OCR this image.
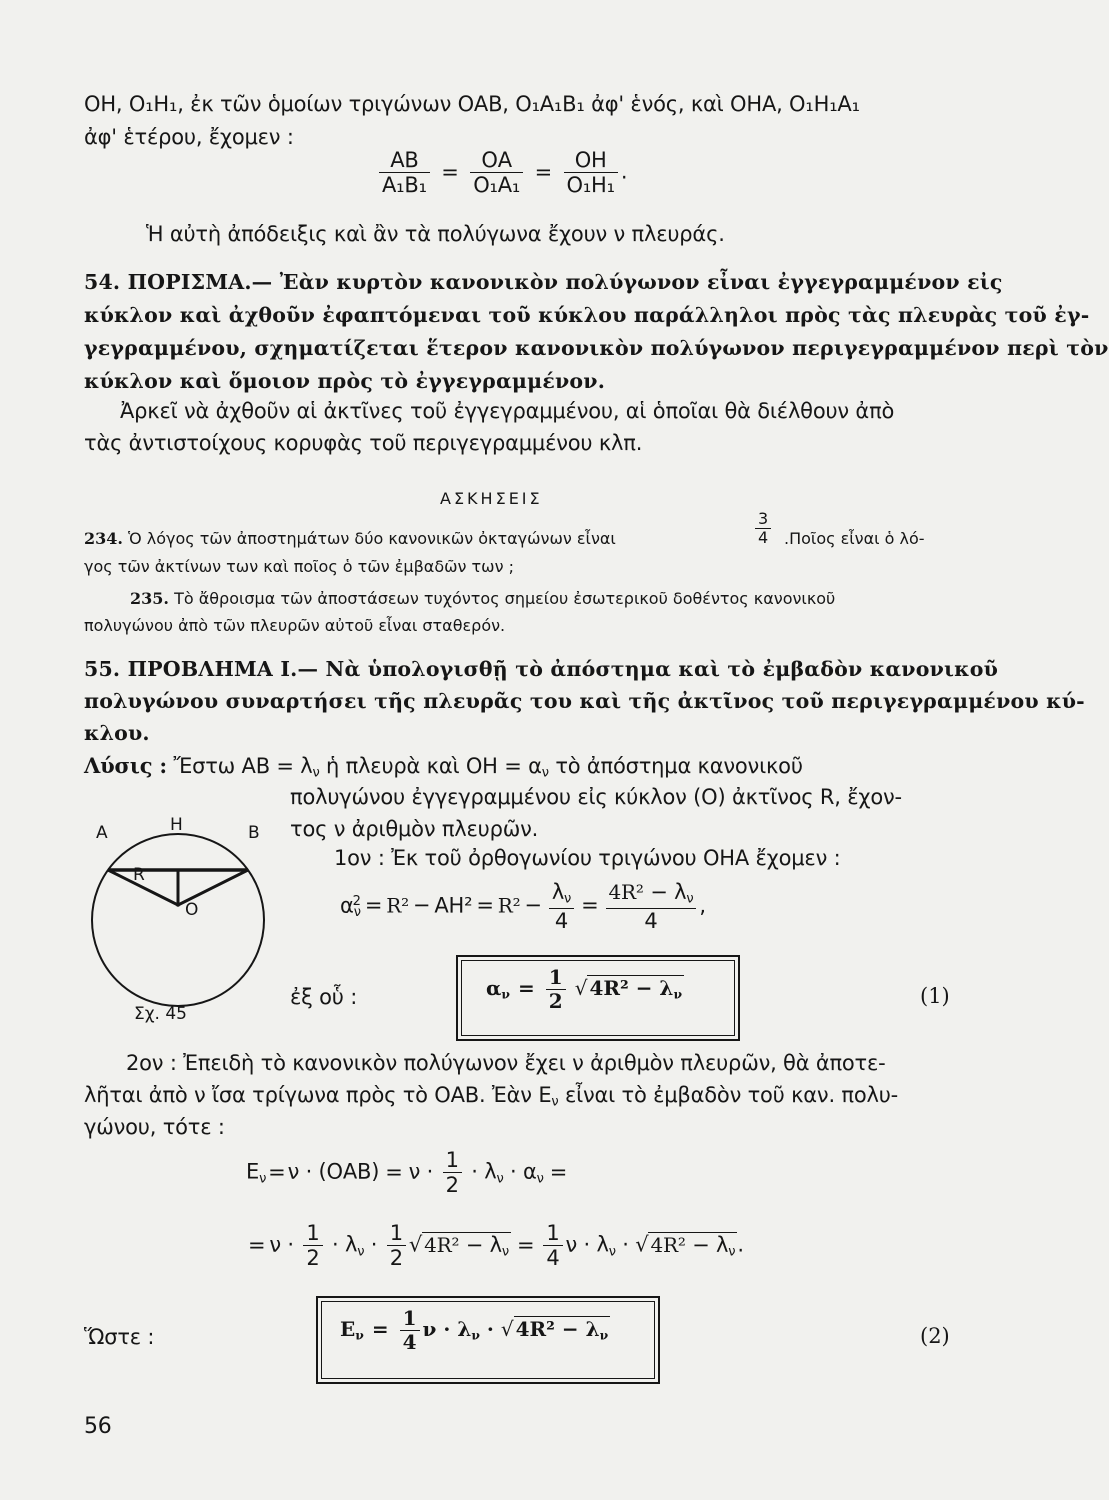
ΟΗ, Ο₁Η₁, ἐκ τῶν ὁμοίων τριγώνων ΟΑΒ, Ο₁Α₁Β₁ ἀφ' ἑνός, καὶ ΟΗΑ, Ο₁Η₁Α₁
ἀφ' ἑτέρου, ἔχομεν :
$\frac{AB}{\text{Α₁Β₁}} = \frac{OA}{\text{Ο₁Α₁}} = \frac{OH}{\text{Ο₁Η₁}}$ .
Ἡ αὐτὴ ἀπόδειξις καὶ ἂν τὰ πολύγωνα ἔχουν ν πλευράς.
54. ΠΟΡΙΣΜΑ.— Ἐὰν κυρτὸν κανονικὸν πολύγωνον εἶναι ἐγγεγραμμένον εἰς
κύκλον καὶ ἀχθοῦν ἐφαπτόμεναι τοῦ κύκλου παράλληλοι πρὸς τὰς πλευρὰς τοῦ ἐγ-
γεγραμμένου, σχηματίζεται ἕτερον κανονικὸν πολύγωνον περιγεγραμμένον περὶ τὸν
κύκλον καὶ ὅμοιον πρὸς τὸ ἐγγεγραμμένον.
Ἀρκεῖ νὰ ἀχθοῦν αἱ ἀκτῖνες τοῦ ἐγγεγραμμένου, αἱ ὁποῖαι θὰ διέλθουν ἀπὸ
τὰς ἀντιστοίχους κορυφὰς τοῦ περιγεγραμμένου κλπ.
ΑΣΚΗΣΕΙΣ
234. Ὁ λόγος τῶν ἀποστημάτων δύο κανονικῶν ὀκταγώνων εἶναι	$\frac{3}{4}$ .Ποῖος εἶναι ὁ λό-
γος τῶν ἀκτίνων των καὶ ποῖος ὁ τῶν ἐμβαδῶν των ;
235. Τὸ ἄθροισμα τῶν ἀποστάσεων τυχόντος σημείου ἐσωτερικοῦ δοθέντος κανονικοῦ
πολυγώνου ἀπὸ τῶν πλευρῶν αὐτοῦ εἶναι σταθερόν.
55. ΠΡΟΒΛΗΜΑ Ι.— Νὰ ὑπολογισθῇ τὸ ἀπόστημα καὶ τὸ ἐμβαδὸν κανονικοῦ
πολυγώνου συναρτήσει τῆς πλευρᾶς του καὶ τῆς ἀκτῖνος τοῦ περιγεγραμμένου κύ-
κλου.
Λύσις : Ἔστω $AB = \lambda_\nu$ ἡ πλευρὰ καὶ $OH = \alpha_\nu$ τὸ ἀπόστημα κανονικοῦ
πολυγώνου ἐγγεγραμμένου εἰς κύκλον (Ο) ἀκτῖνος R, ἔχον-
τος ν ἀριθμὸν πλευρῶν.
A	H	B
R
O
Σχ. 45
1ον : Ἐκ τοῦ ὀρθογωνίου τριγώνου ΟΗΑ ἔχομεν :
$\alpha^2_\nu = R^2 - AH^2 = R^2 - \frac{\lambda_\nu}{4} = \frac{4R^2 - \lambda_\nu}{4}$ ,
ἐξ οὗ :	$\alpha_\nu = \frac{1}{2}$ √ $4R^2 - \lambda_\nu$	(1)
2ον : Ἐπειδὴ τὸ κανονικὸν πολύγωνον ἔχει ν ἀριθμὸν πλευρῶν, θὰ ἀποτε-
λῆται ἀπὸ ν ἴσα τρίγωνα πρὸς τὸ ΟΑΒ. Ἐὰν $E_\nu$ εἶναι τὸ ἐμβαδὸν τοῦ καν. πολυ-
γώνου, τότε :
$E_\nu=\nu \cdot (OAB) = \nu \cdot \frac{1}{2} \cdot \lambda_\nu \cdot \alpha_\nu$ =
= $\nu \cdot \frac{1}{2} \cdot \lambda_\nu \cdot \frac{1}{2}$ √ $4R^2 - \lambda_\nu = \frac{1}{4}$ $\nu \cdot \lambda_\nu$ · √ $4R^2 - \lambda_\nu$.
Ὥστε :	$E_\nu = \frac{1}{4}$ $\nu \cdot \lambda_\nu$ · √ $4R^2 - \lambda_\nu$	(2)
56
